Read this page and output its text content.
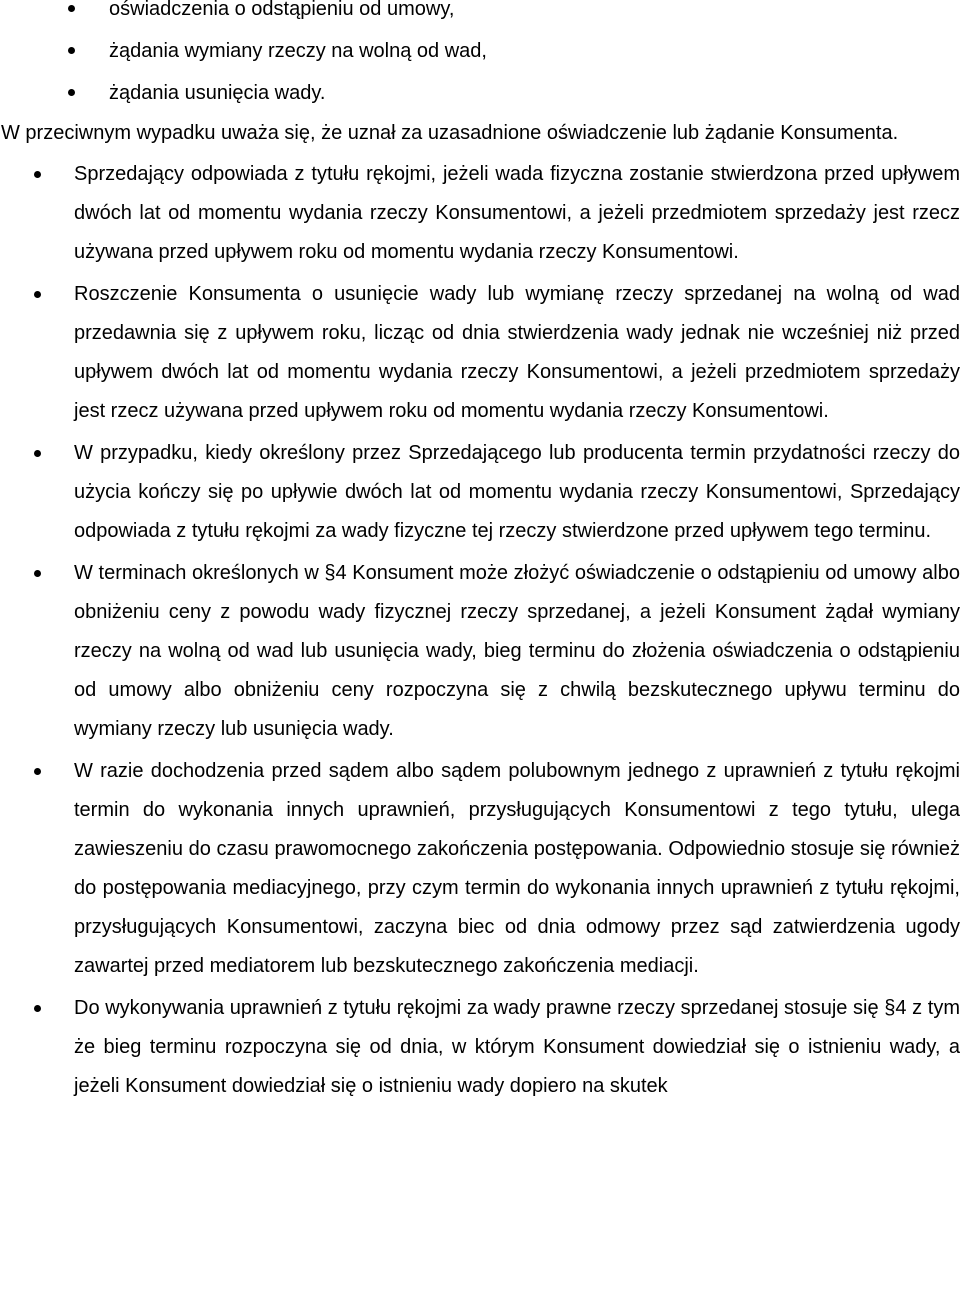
oświadczenia o odstąpieniu od umowy,
żądania wymiany rzeczy na wolną od wad,
żądania usunięcia wady.

W przeciwnym wypadku uważa się, że uznał za uzasadnione oświadczenie lub żądanie Konsumenta.

Sprzedający odpowiada z tytułu rękojmi, jeżeli wada fizyczna zostanie stwierdzona przed upływem dwóch lat od momentu wydania rzeczy Konsumentowi, a jeżeli przedmiotem sprzedaży jest rzecz używana przed upływem roku od momentu wydania rzeczy Konsumentowi.
Roszczenie Konsumenta o usunięcie wady lub wymianę rzeczy sprzedanej na wolną od wad przedawnia się z upływem roku, licząc od dnia stwierdzenia wady jednak nie wcześniej niż przed upływem dwóch lat od momentu wydania rzeczy Konsumentowi, a jeżeli przedmiotem sprzedaży jest rzecz używana przed upływem roku od momentu wydania rzeczy Konsumentowi.
W przypadku, kiedy określony przez Sprzedającego lub producenta termin przydatności rzeczy do użycia kończy się po upływie dwóch lat od momentu wydania rzeczy Konsumentowi, Sprzedający odpowiada z tytułu rękojmi za wady fizyczne tej rzeczy stwierdzone przed upływem tego terminu.
W terminach określonych w §4 Konsument może złożyć oświadczenie o odstąpieniu od umowy albo obniżeniu ceny z powodu wady fizycznej rzeczy sprzedanej, a jeżeli Konsument żądał wymiany rzeczy na wolną od wad lub usunięcia wady, bieg terminu do złożenia oświadczenia o odstąpieniu od umowy albo obniżeniu ceny rozpoczyna się z chwilą bezskutecznego upływu terminu do wymiany rzeczy lub usunięcia wady.
W razie dochodzenia przed sądem albo sądem polubownym jednego z uprawnień z tytułu rękojmi termin do wykonania innych uprawnień, przysługujących Konsumentowi z tego tytułu, ulega zawieszeniu do czasu prawomocnego zakończenia postępowania. Odpowiednio stosuje się również do postępowania mediacyjnego, przy czym termin do wykonania innych uprawnień z tytułu rękojmi, przysługujących Konsumentowi, zaczyna biec od dnia odmowy przez sąd zatwierdzenia ugody zawartej przed mediatorem lub bezskutecznego zakończenia mediacji.
Do wykonywania uprawnień z tytułu rękojmi za wady prawne rzeczy sprzedanej stosuje się §4 z tym że bieg terminu rozpoczyna się od dnia, w którym Konsument dowiedział się o istnieniu wady, a jeżeli Konsument dowiedział się o istnieniu wady dopiero na skutek
